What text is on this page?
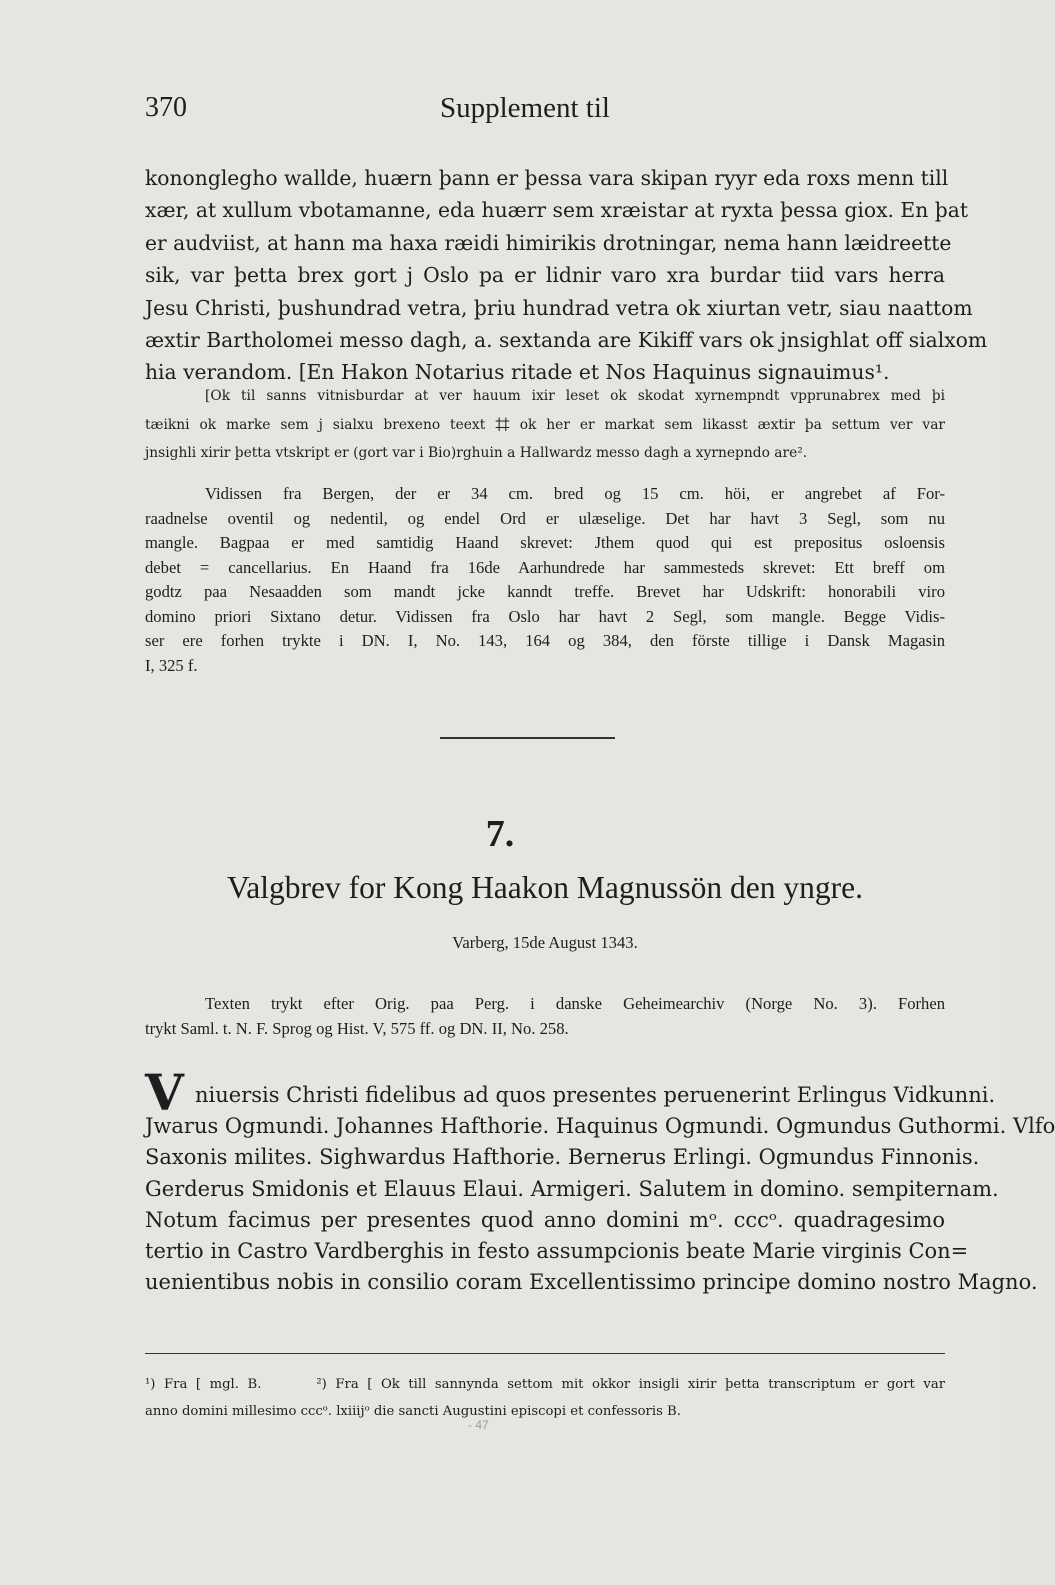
370	Supplement til
kononglegho wallde, huærn þann er þessa vara skipan ryyr eda roxs menn till
xær, at xullum vbotamanne, eda huærr sem xræistar at ryxta þessa giox. En þat
er audviist, at hann ma haxa ræidi himirikis drotningar, nema hann læidreette
sik, var þetta brex gort j Oslo pa er lidnir varo xra burdar tiid vars herra
Jesu Christi, þushundrad vetra, þriu hundrad vetra ok xiurtan vetr, siau naattom
æxtir Bartholomei messo dagh, a. sextanda are Kikiff vars ok jnsighlat off sialxom
hia verandom. [En Hakon Notarius ritade et Nos Haquinus signauimus¹.
[Ok til sanns vitnisburdar at ver hauum ixir leset ok skodat xyrnempndt vpprunabrex med þi
tæikni ok marke sem j sialxu brexeno teext ⌗ ok her er markat sem likasst æxtir þa settum ver var
jnsighli xirir þetta vtskript er (gort var i Bio)rghuin a Hallwardz messo dagh a xyrnepndo are².
Vidissen fra Bergen, der er 34 cm. bred og 15 cm. höi, er angrebet af For-
raadnelse oventil og nedentil, og endel Ord er ulæselige. Det har havt 3 Segl, som nu
mangle. Bagpaa er med samtidig Haand skrevet: Jthem quod qui est prepositus osloensis
debet = cancellarius. En Haand fra 16de Aarhundrede har sammesteds skrevet: Ett breff om
godtz paa Nesaadden som mandt jcke kanndt treffe. Brevet har Udskrift: honorabili viro
domino priori Sixtano detur. Vidissen fra Oslo har havt 2 Segl, som mangle. Begge Vidis-
ser ere forhen trykte i DN. I, No. 143, 164 og 384, den förste tillige i Dansk Magasin
I, 325 f.
7.
Valgbrev for Kong Haakon Magnussön den yngre.
Varberg, 15de August 1343.
Texten trykt efter Orig. paa Perg. i danske Geheimearchiv (Norge No. 3). Forhen
trykt Saml. t. N. F. Sprog og Hist. V, 575 ff. og DN. II, No. 258.
V niuersis Christi fidelibus ad quos presentes peruenerint Erlingus Vidkunni.
Jwarus Ogmundi. Johannes Hafthorie. Haquinus Ogmundi. Ogmundus Guthormi. Vlfo
Saxonis milites. Sighwardus Hafthorie. Bernerus Erlingi. Ogmundus Finnonis.
Gerderus Smidonis et Elauus Elaui. Armigeri. Salutem in domino. sempiternam.
Notum facimus per presentes quod anno domini mᵒ. cccᵒ. quadragesimo
tertio in Castro Vardberghis in festo assumpcionis beate Marie virginis Con=
uenientibus nobis in consilio coram Excellentissimo principe domino nostro Magno.
¹) Fra [ mgl. B.	²) Fra [ Ok till sannynda settom mit okkor insigli xirir þetta transcriptum er gort var
anno domini millesimo cccᵒ. lxiiijᵒ die sancti Augustini episcopi et confessoris B.
- 47
